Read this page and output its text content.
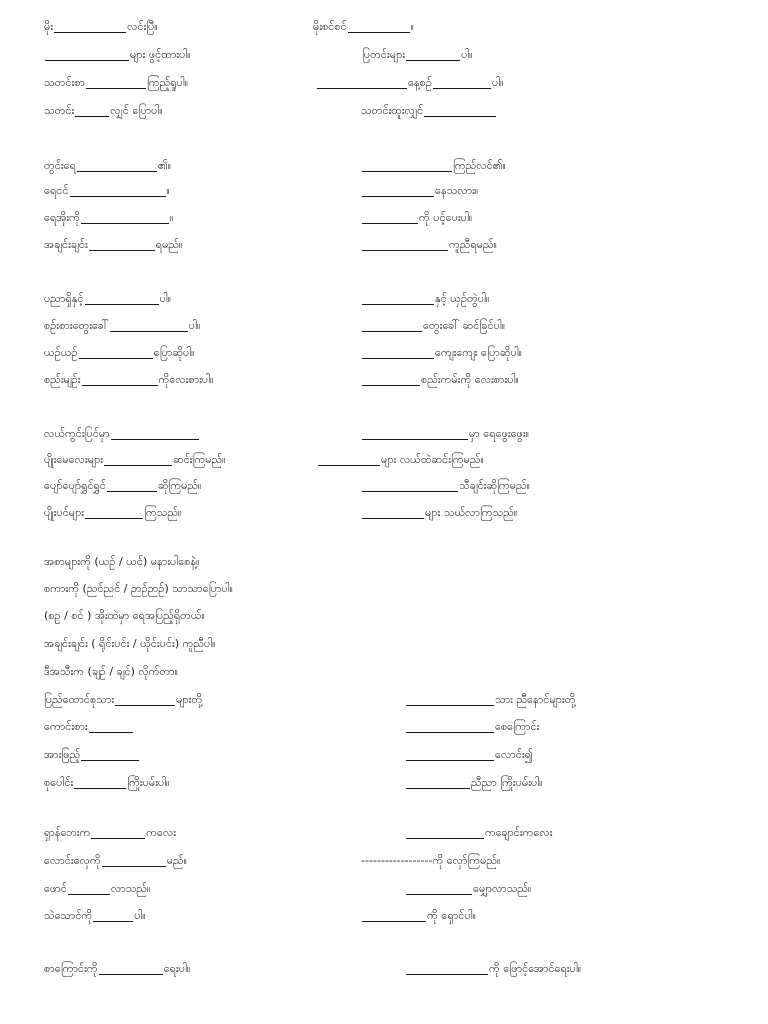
မိုး	လင်းပြီ။	မိုးစင်စင်	။
များ ဖွင့်ထားပါ။	ပြတင်းများ	ပါ။
သတင်းစာ	ကြည့်ရှုပါ။	နေ့စဉ်	ပါ။
သတင်း	လျှင် ပြောပါ။	သတင်းထူးလျှင်
တွင်းရေ	၏။	ကြည်လင်၏။
ရေငင်	။	နေသလား။
ရေအိုးကို	။	ကို ပင့်ပေးပါ။
အချင်းချင်း	ရမည်။	ကူညီရမည်။
ပညာရှိနှင့်	ပါ။	နှင့် ယှဉ်တွဲပါ။
စဉ်းစားတွေးခေါ်	ပါ။	တွေးခေါ် ဆင်ခြင်ပါ။
ယဉ်ယဉ်	ပြောဆိုပါ။	ကျေးကျေး ပြောဆိုပါ။
စည်းမျဉ်း	ကိုလေးစားပါ။	စည်းကမ်းကို လေးစားပါ။
လယ်ကွင်းပြင်မှာ	မှာ ရေဖွေးဖွေး။
ပျိုးမေလေးများ	ဆင်းကြမည်။	များ လယ်ထဲဆင်းကြမည်။
ပျော်ပျော်ရွှင်ရွှင်	ဆိုကြမည်။	သီချင်းဆိုကြမည်။
ပျိုးပင်များ	ကြသည်။	များ သယ်လာကြသည်။
အစာများကို (ယဉ် / ယင်) မနားပါစေနဲ့။
စကားကို (ညင်ညင် / ဉာဉ်ဉာဉ်) သာသာပြောပါ။
(စဥ္ / စင် ) အိုးထဲမှာ ရေအပြည့်ရှိတယ်။
အချင်းချင်း ( ရိုင်းပင်း / ယိုင်းပင်း) ကူညီပါ။
ဒီအသီးက (ချဉ် / ချင်) လိုက်တာ။
ပြည်ထောင်စုသား	များတို့	သား ညီနောင်များတို့
ကောင်းစား	စေကြောင်း
အားဖြည့်	လောင်း၍
စုပေါင်း	ကြိုးပမ်းပါ။	ညီညာ ကြိုးပမ်းပါ။
ရှာန်ဘေးက	ကလေး	ကချောင်းကလေး
လောင်းလှေကို	မည်။	------------------ကို လှော်ကြမည်။
ဖောင်	လာသည်။	မျှောလာသည်။
သဲသောင်ကို	ပါ။	ကို ရှောင်ပါ။
စာကြောင်းကို	ရေးပါ။	ကို ဖြောင့်အောင်ရေးပါ။
